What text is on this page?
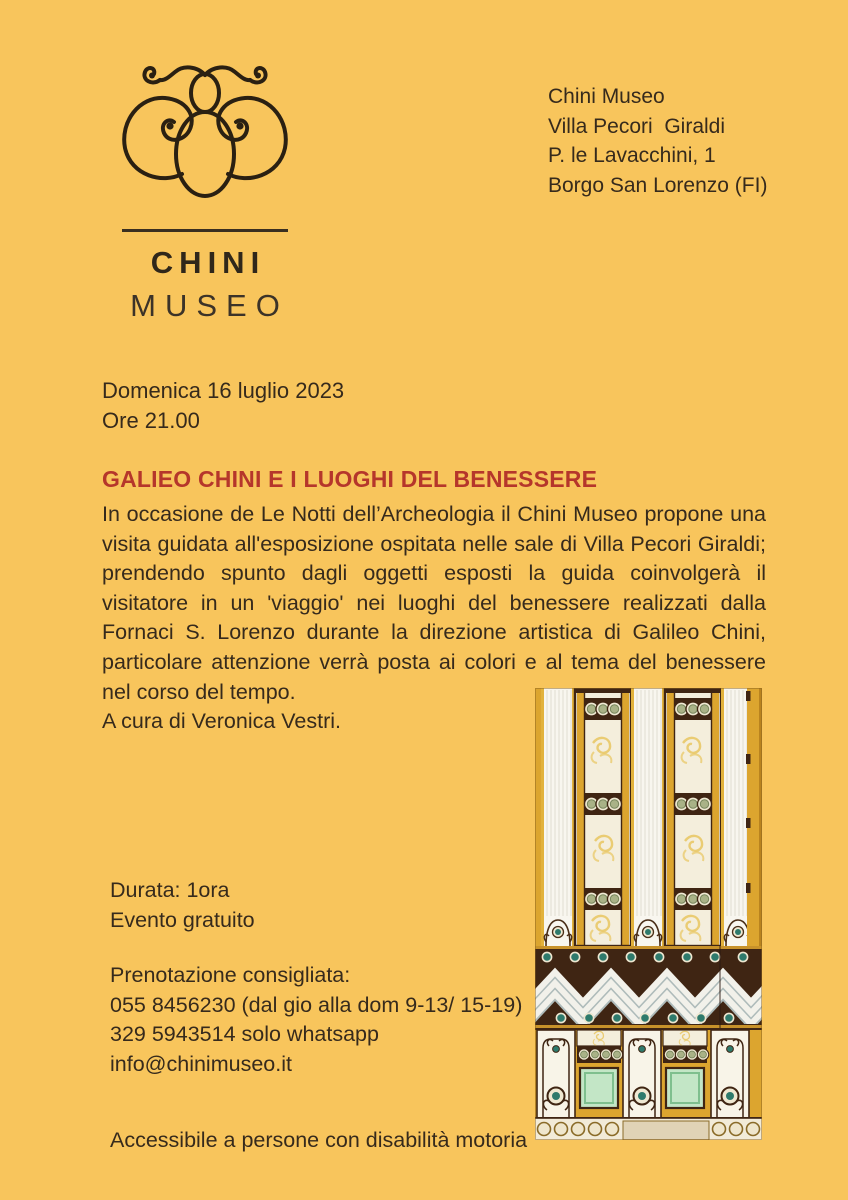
CHINI
MUSEO
Chini Museo
Villa Pecori  Giraldi
P. le Lavacchini, 1
Borgo San Lorenzo (FI)
Domenica 16 luglio 2023
Ore 21.00
GALIEO CHINI E I LUOGHI DEL BENESSERE

In occasione de Le Notti dell’Archeologia il Chini Museo propone una visita guidata all'esposizione ospitata nelle sale di Villa Pecori Giraldi; prendendo spunto dagli oggetti esposti la guida coinvolgerà il visitatore in un 'viaggio' nei luoghi del benessere realizzati dalla Fornaci S. Lorenzo durante la direzione artistica di Galileo Chini, particolare attenzione verrà posta ai colori e al tema del benessere nel corso del tempo.

A cura di Veronica Vestri.

Durata: 1ora
Evento gratuito
Prenotazione consigliata:
055 8456230 (dal gio alla dom 9-13/ 15-19)
329 5943514 solo whatsapp
info@chinimuseo.it
Accessibile a persone con disabilità motoria
